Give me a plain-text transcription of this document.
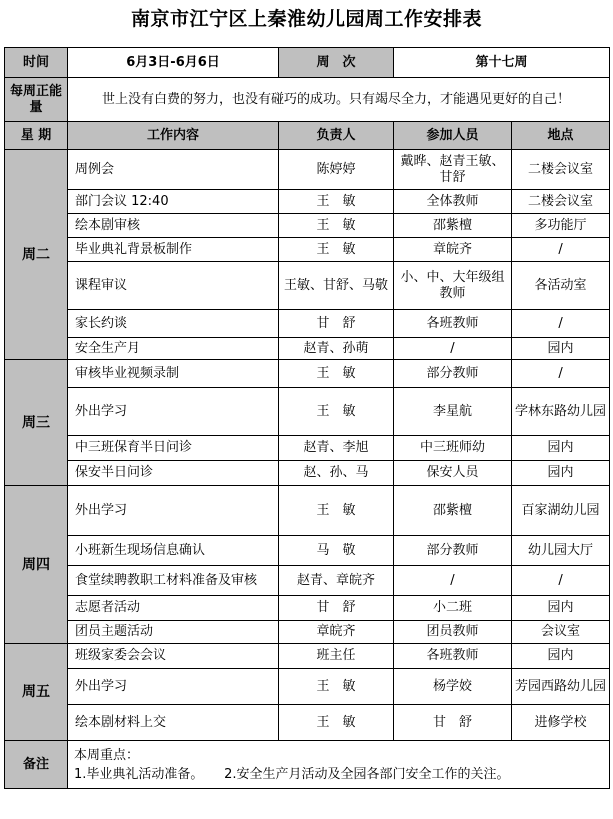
南京市江宁区上秦淮幼儿园周工作安排表
时间	6月3日-6月6日	周　次	第十七周	
每周正能量	世上没有白费的努力，也没有碰巧的成功。只有竭尽全力，才能遇见更好的自己！			
星 期	工作内容	负责人	参加人员	地点
周二	周例会	陈婷婷	戴晔、赵青王敏、甘舒	二楼会议室
	部门会议 12:40	王　敏	全体教师	二楼会议室
	绘本剧审核	王　敏	邵紫檀	多功能厅
	毕业典礼背景板制作	王　敏	章皖齐	/
	课程审议	王敏、甘舒、马敬	小、中、大年级组教师	各活动室
	家长约谈	甘　舒	各班教师	/
	安全生产月	赵青、孙萌	/	园内
周三	审核毕业视频录制	王　敏	部分教师	/
	外出学习	王　敏	李星航	学林东路幼儿园
	中三班保育半日问诊	赵青、李旭	中三班师幼	园内
	保安半日问诊	赵、孙、马	保安人员	园内
周四	外出学习	王　敏	邵紫檀	百家湖幼儿园
	小班新生现场信息确认	马　敬	部分教师	幼儿园大厅
	食堂续聘教职工材料准备及审核	赵青、章皖齐	/	/
	志愿者活动	甘　舒	小二班	园内
	团员主题活动	章皖齐	团员教师	会议室
周五	班级家委会会议	班主任	各班教师	园内
	外出学习	王　敏	杨学姣	芳园西路幼儿园
	绘本剧材料上交	王　敏	甘　舒	进修学校
备注	本周重点：
1.毕业典礼活动准备。 2.安全生产月活动及全园各部门安全工作的关注。			
